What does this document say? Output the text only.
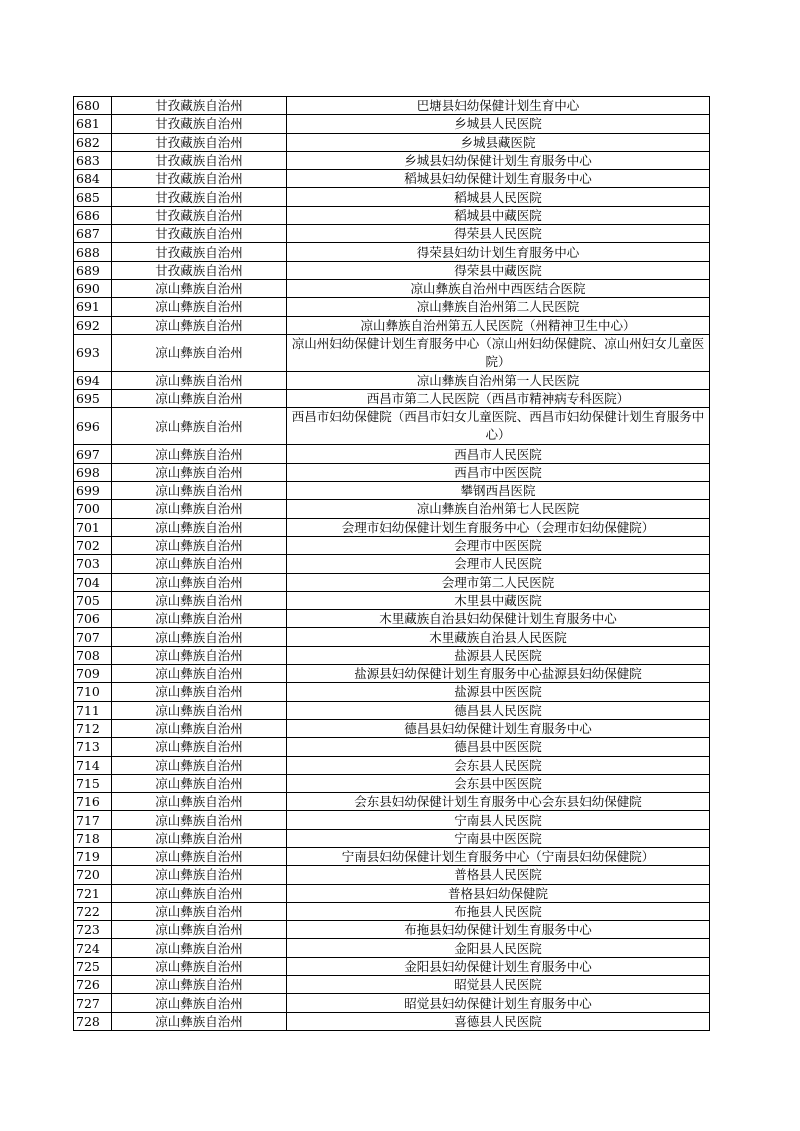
680	甘孜藏族自治州	巴塘县妇幼保健计划生育中心
681	甘孜藏族自治州	乡城县人民医院
682	甘孜藏族自治州	乡城县藏医院
683	甘孜藏族自治州	乡城县妇幼保健计划生育服务中心
684	甘孜藏族自治州	稻城县妇幼保健计划生育服务中心
685	甘孜藏族自治州	稻城县人民医院
686	甘孜藏族自治州	稻城县中藏医院
687	甘孜藏族自治州	得荣县人民医院
688	甘孜藏族自治州	得荣县妇幼计划生育服务中心
689	甘孜藏族自治州	得荣县中藏医院
690	凉山彝族自治州	凉山彝族自治州中西医结合医院
691	凉山彝族自治州	凉山彝族自治州第二人民医院
692	凉山彝族自治州	凉山彝族自治州第五人民医院（州精神卫生中心）
693	凉山彝族自治州	凉山州妇幼保健计划生育服务中心（凉山州妇幼保健院、凉山州妇女儿童医院）
694	凉山彝族自治州	凉山彝族自治州第一人民医院
695	凉山彝族自治州	西昌市第二人民医院（西昌市精神病专科医院）
696	凉山彝族自治州	西昌市妇幼保健院（西昌市妇女儿童医院、西昌市妇幼保健计划生育服务中心）
697	凉山彝族自治州	西昌市人民医院
698	凉山彝族自治州	西昌市中医医院
699	凉山彝族自治州	攀钢西昌医院
700	凉山彝族自治州	凉山彝族自治州第七人民医院
701	凉山彝族自治州	会理市妇幼保健计划生育服务中心（会理市妇幼保健院）
702	凉山彝族自治州	会理市中医医院
703	凉山彝族自治州	会理市人民医院
704	凉山彝族自治州	会理市第二人民医院
705	凉山彝族自治州	木里县中藏医院
706	凉山彝族自治州	木里藏族自治县妇幼保健计划生育服务中心
707	凉山彝族自治州	木里藏族自治县人民医院
708	凉山彝族自治州	盐源县人民医院
709	凉山彝族自治州	盐源县妇幼保健计划生育服务中心盐源县妇幼保健院
710	凉山彝族自治州	盐源县中医医院
711	凉山彝族自治州	德昌县人民医院
712	凉山彝族自治州	德昌县妇幼保健计划生育服务中心
713	凉山彝族自治州	德昌县中医医院
714	凉山彝族自治州	会东县人民医院
715	凉山彝族自治州	会东县中医医院
716	凉山彝族自治州	会东县妇幼保健计划生育服务中心会东县妇幼保健院
717	凉山彝族自治州	宁南县人民医院
718	凉山彝族自治州	宁南县中医医院
719	凉山彝族自治州	宁南县妇幼保健计划生育服务中心（宁南县妇幼保健院）
720	凉山彝族自治州	普格县人民医院
721	凉山彝族自治州	普格县妇幼保健院
722	凉山彝族自治州	布拖县人民医院
723	凉山彝族自治州	布拖县妇幼保健计划生育服务中心
724	凉山彝族自治州	金阳县人民医院
725	凉山彝族自治州	金阳县妇幼保健计划生育服务中心
726	凉山彝族自治州	昭觉县人民医院
727	凉山彝族自治州	昭觉县妇幼保健计划生育服务中心
728	凉山彝族自治州	喜德县人民医院
